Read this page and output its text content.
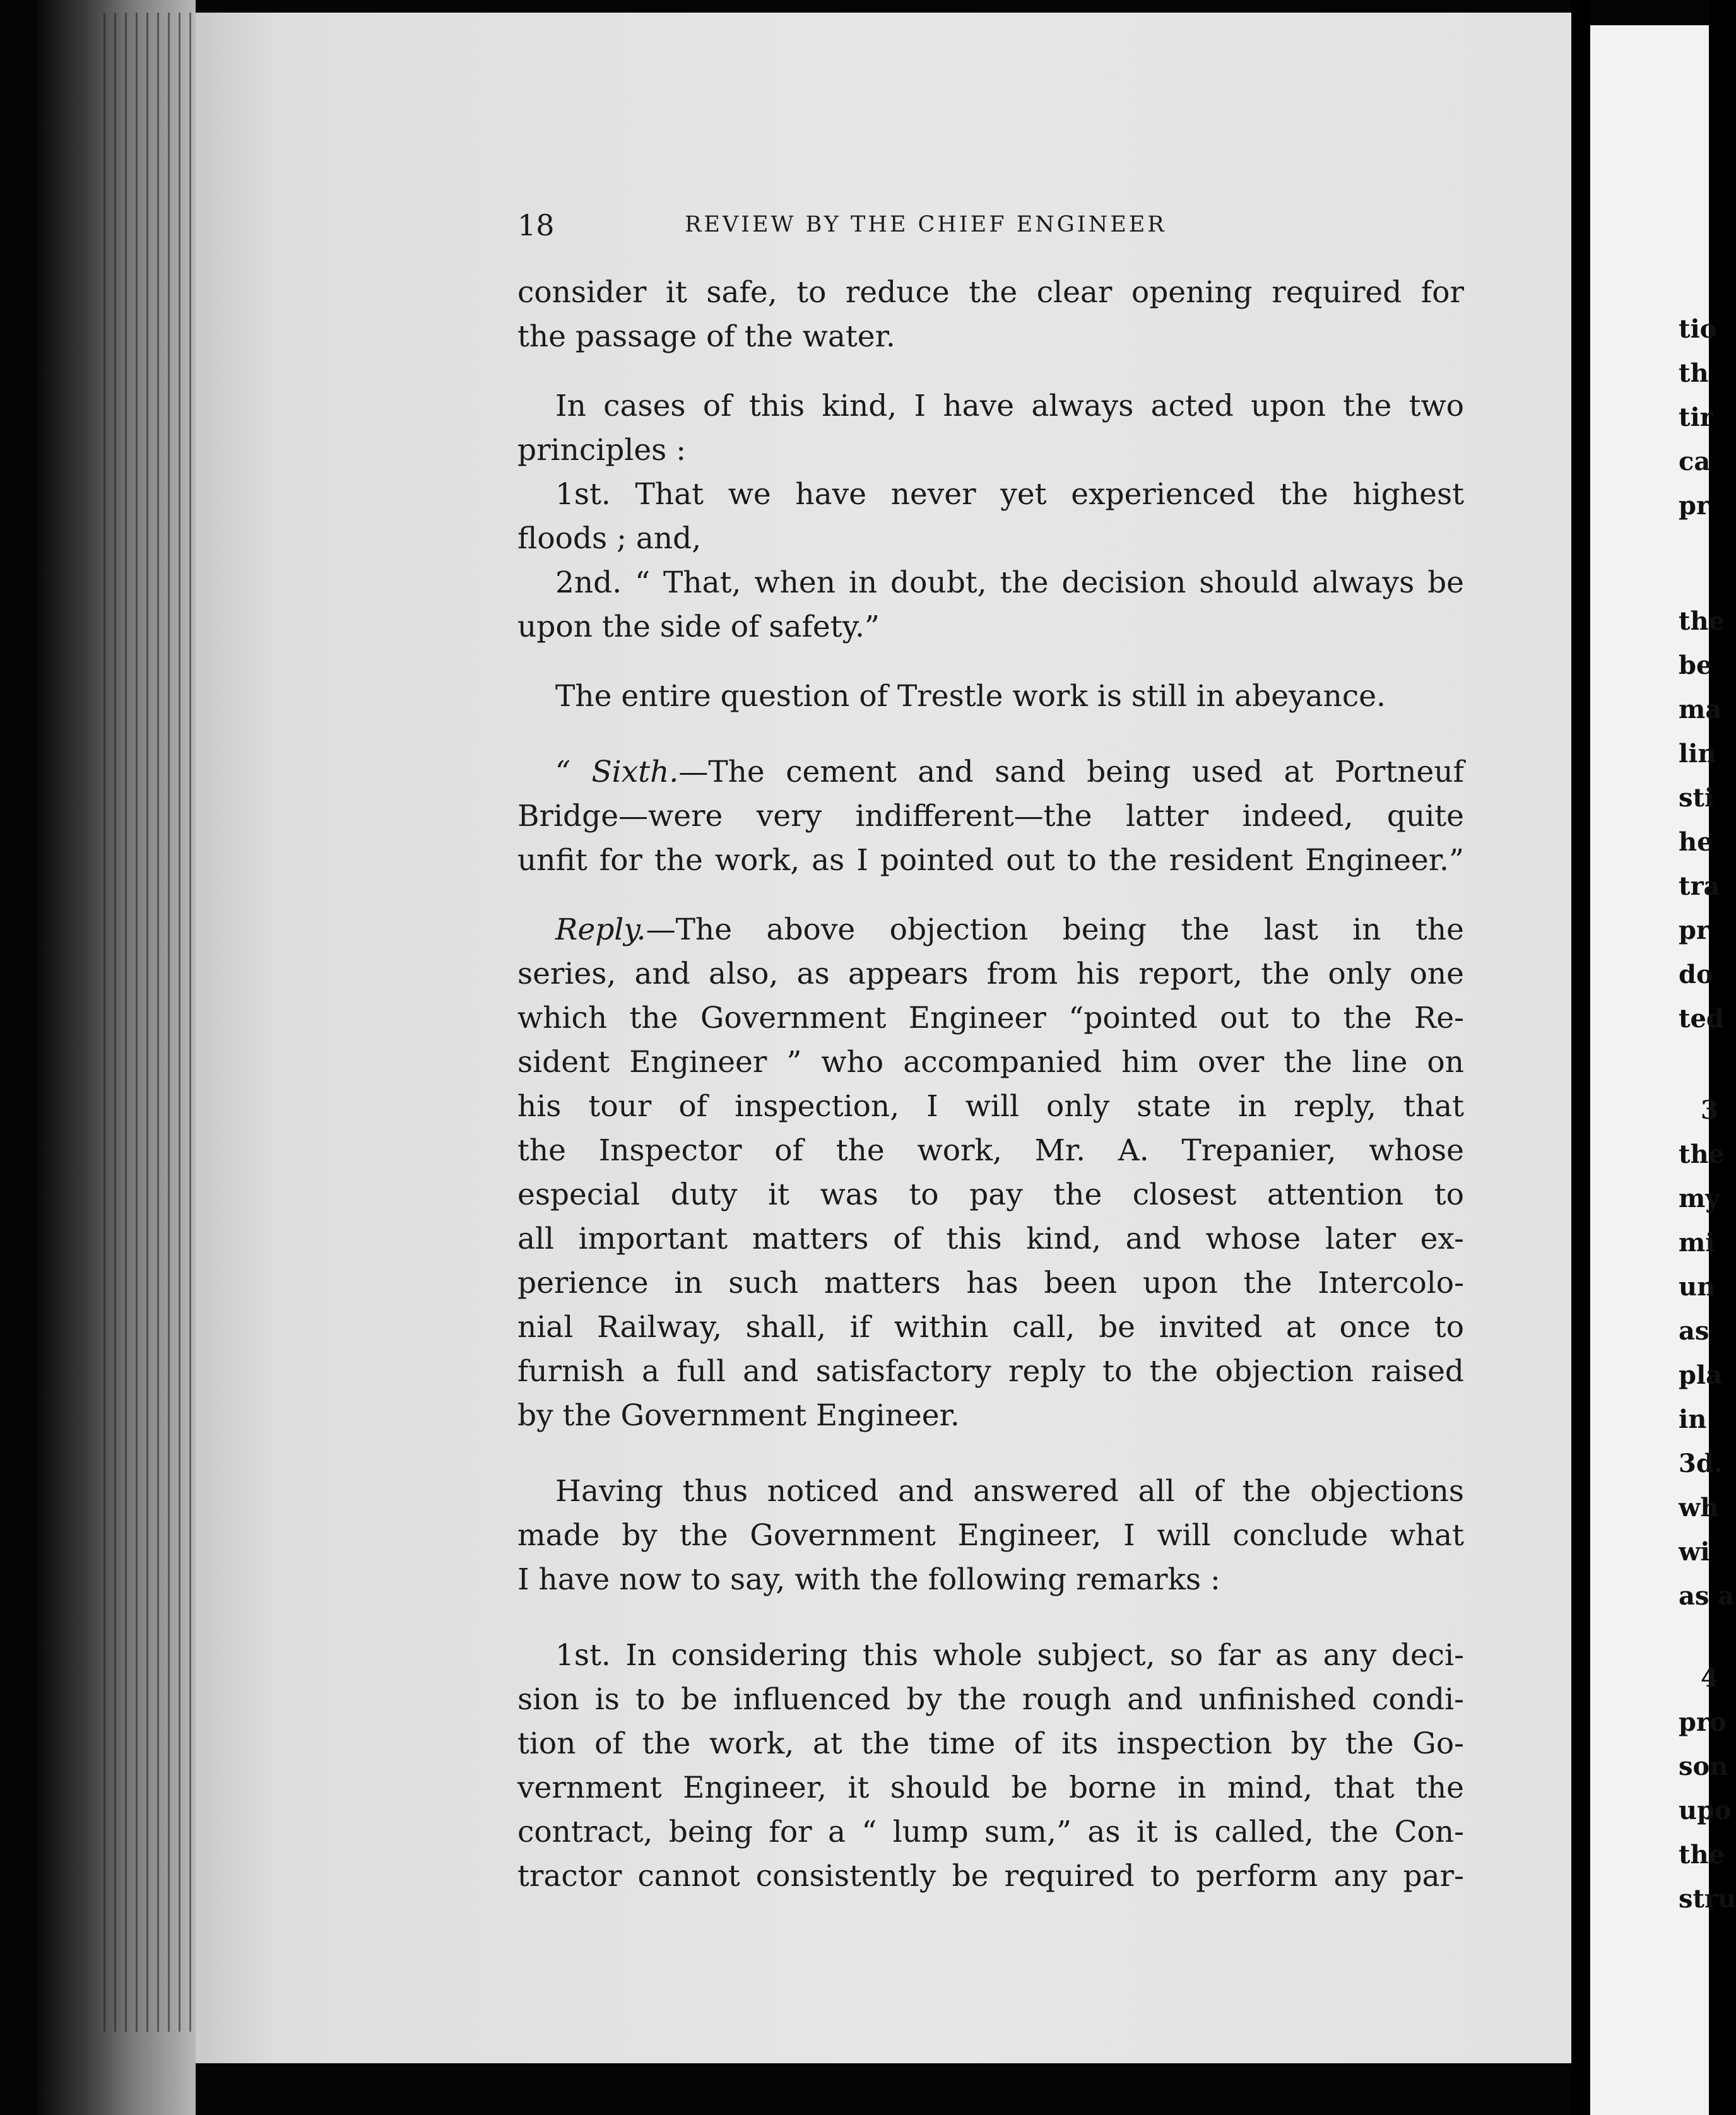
tio
th
tir
ca
pr
the
be
ma
lin
sti
he
tra
pr
do
ted
3
the
my
mi
un
as
pla
in
3d.
wh
wi
as a
4
pro
son
upo
the
stru
18	REVIEW BY THE CHIEF ENGINEER
consider it safe, to reduce the clear opening required for
the passage of the water.
In cases of this kind, I have always acted upon the two
principles :
1st. That we have never yet experienced the highest
floods ; and,
2nd. “ That, when in doubt, the decision should always be
upon the side of safety.”
The entire question of Trestle work is still in abeyance.
“ Sixth.—The cement and sand being used at Portneuf
Bridge—were very indifferent—the latter indeed, quite
unfit for the work, as I pointed out to the resident Engineer.”
Reply.—The above objection being the last in the
series, and also, as appears from his report, the only one
which the Government Engineer “pointed out to the Re-
sident Engineer ” who accompanied him over the line on
his tour of inspection, I will only state in reply, that
the Inspector of the work, Mr. A. Trepanier, whose
especial duty it was to pay the closest attention to
all important matters of this kind, and whose later ex-
perience in such matters has been upon the Intercolo-
nial Railway, shall, if within call, be invited at once to
furnish a full and satisfactory reply to the objection raised
by the Government Engineer.
Having thus noticed and answered all of the objections
made by the Government Engineer, I will conclude what
I have now to say, with the following remarks :
1st. In considering this whole subject, so far as any deci-
sion is to be influenced by the rough and unfinished condi-
tion of the work, at the time of its inspection by the Go-
vernment Engineer, it should be borne in mind, that the
contract, being for a “ lump sum,” as it is called, the Con-
tractor cannot consistently be required to perform any par-
